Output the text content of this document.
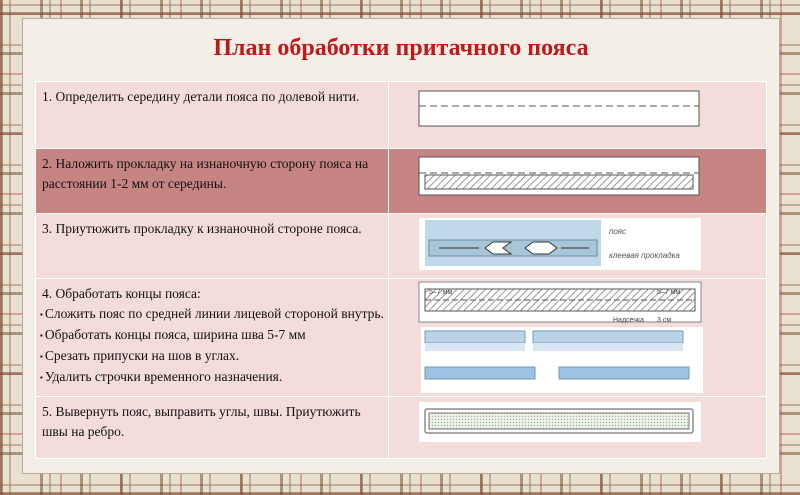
План обработки притачного пояса
1. Определить середину детали пояса по долевой нити.	

2. Наложить прокладку на изнаночную сторону пояса на расстоянии 1-2 мм от середины.	

3. Приутюжить прокладку к изнаночной стороне пояса.	пояс
клеевая прокладка

4. Обработать концы пояса:
▪ Сложить пояс по средней линии лицевой стороной внутрь.
▪ Обработать концы пояса, ширина шва 5-7 мм
▪ Срезать припуски на шов в углах.
▪ Удалить строчки временного назначения.	5–7 мм 5–7 мм
Надсечка 3 см

5. Вывернуть пояс, выправить углы, швы. Приутюжить швы на ребро.	
